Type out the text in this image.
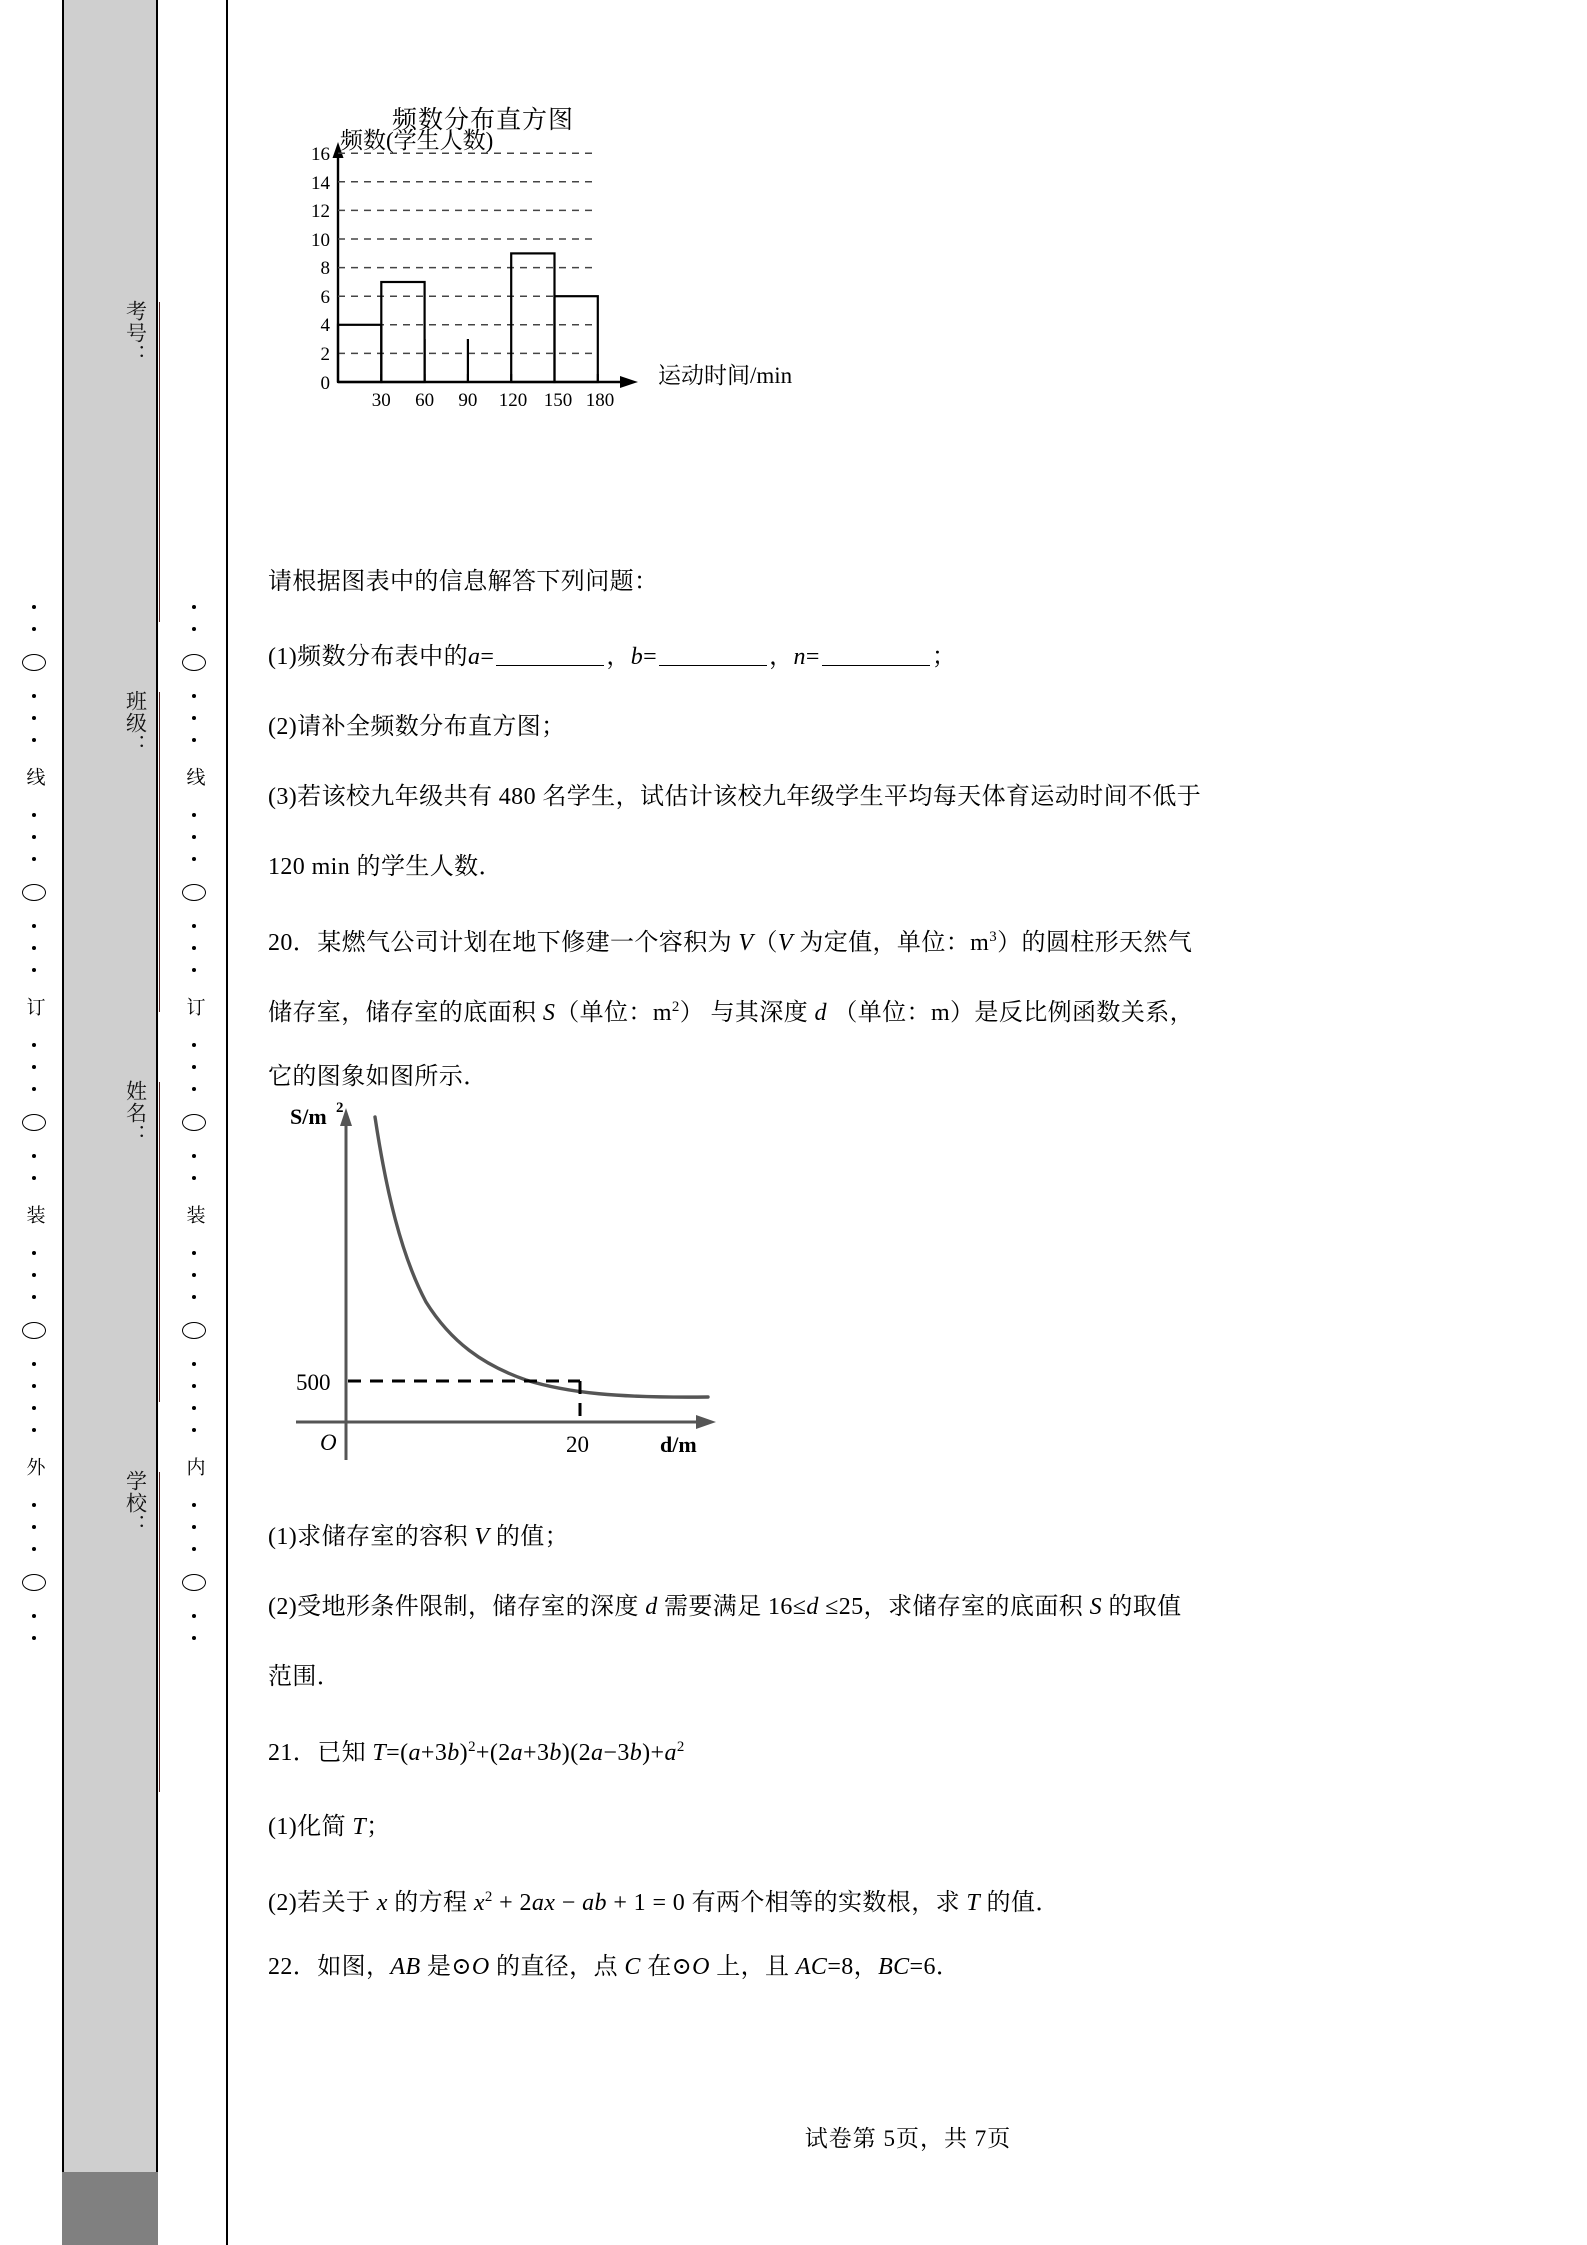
考号：
班级：
姓名：
学校：
线
订
装
外
线
订
装
内
频数分布直方图
0
2
4
6
8
10
12
14
16
30 60 90 120 150 180
频数(学生人数)
运动时间/min
请根据图表中的信息解答下列问题：
(1)频数分布表中的a=	，b=	，n=	；
(2)请补全频数分布直方图；
(3)若该校九年级共有 480 名学生，试估计该校九年级学生平均每天体育运动时间不低于
120 min 的学生人数．
20．某燃气公司计划在地下修建一个容积为 V（V 为定值，单位：$m^3$）的圆柱形天然气
储存室，储存室的底面积 S（单位：$m^2$） 与其深度 d （单位：m）是反比例函数关系，
它的图象如图所示．
S/m 2
500
O	20	d/m
(1)求储存室的容积 V 的值；
(2)受地形条件限制，储存室的深度 d 需要满足 16≤d ≤25，求储存室的底面积 S 的取值
范围．
21．已知 $T=(a+3b)^2+(2a+3b)(2a-3b)+a^2$
(1)化简 T；
(2)若关于 x 的方程 $x^2 + 2ax$ − ab + 1 = 0 有两个相等的实数根，求 T 的值．
22．如图，AB 是⊙O 的直径，点 C 在⊙O 上，且 AC=8，BC=6．
试卷第 5页，共 7页
